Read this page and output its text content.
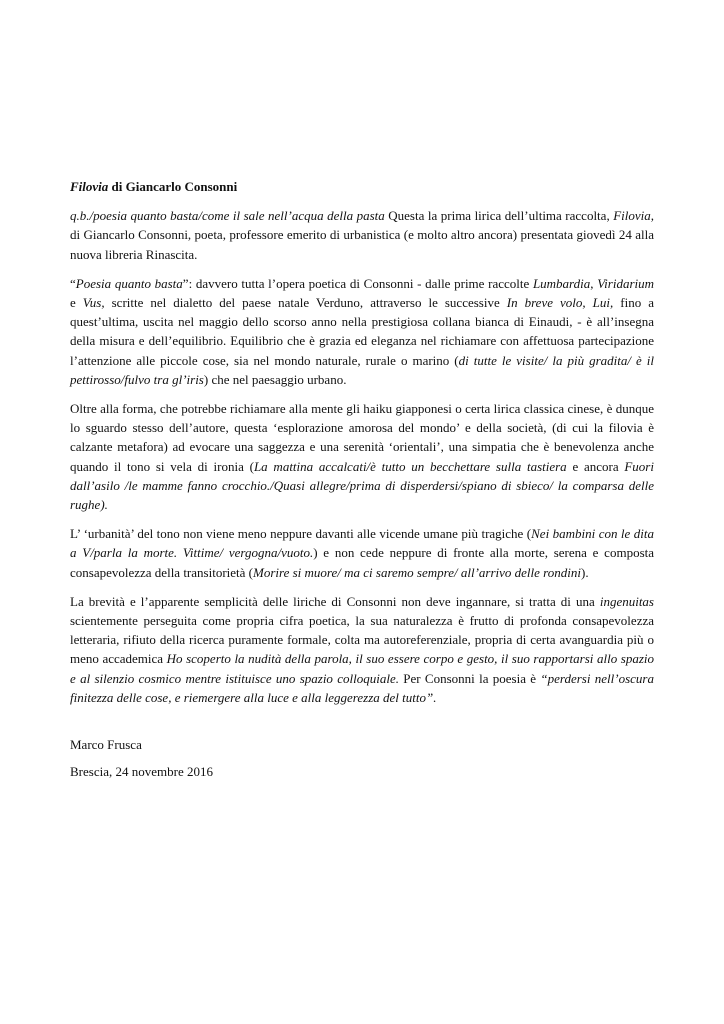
Filovia di Giancarlo Consonni

q.b./poesia quanto basta/come il sale nell’acqua della pasta Questa la prima lirica dell’ultima raccolta, Filovia, di Giancarlo Consonni, poeta, professore emerito di urbanistica (e molto altro ancora) presentata giovedì 24 alla nuova libreria Rinascita.

“Poesia quanto basta”: davvero tutta l’opera poetica di Consonni - dalle prime raccolte Lumbardia, Viridarium e Vus, scritte nel dialetto del paese natale Verduno, attraverso le successive In breve volo, Lui, fino a quest’ultima, uscita nel maggio dello scorso anno nella prestigiosa collana bianca di Einaudi, - è all’insegna della misura e dell’equilibrio. Equilibrio che è grazia ed eleganza nel richiamare con affettuosa partecipazione l’attenzione alle piccole cose, sia nel mondo naturale, rurale o marino (di tutte le visite/ la più gradita/ è il pettirosso/fulvo tra gl’iris) che nel paesaggio urbano.

Oltre alla forma, che potrebbe richiamare alla mente gli haiku giapponesi o certa lirica classica cinese, è dunque lo sguardo stesso dell’autore, questa ‘esplorazione amorosa del mondo’ e della società, (di cui la filovia è calzante metafora) ad evocare una saggezza e una serenità ‘orientali’, una simpatia che è benevolenza anche quando il tono si vela di ironia (La mattina accalcati/è tutto un becchettare sulla tastiera e ancora Fuori dall’asilo /le mamme fanno crocchio./Quasi allegre/prima di disperdersi/spiano di sbieco/ la comparsa delle rughe).

L’ ‘urbanità’ del tono non viene meno neppure davanti alle vicende umane più tragiche (Nei bambini con le dita a V/parla la morte. Vittime/ vergogna/vuoto.) e non cede neppure di fronte alla morte, serena e composta consapevolezza della transitorietà (Morire si muore/ ma ci saremo sempre/ all’arrivo delle rondini).

La brevità e l’apparente semplicità delle liriche di Consonni non deve ingannare, si tratta di una ingenuitas scientemente perseguita come propria cifra poetica, la sua naturalezza è frutto di profonda consapevolezza letteraria, rifiuto della ricerca puramente formale, colta ma autoreferenziale, propria di certa avanguardia più o meno accademica Ho scoperto la nudità della parola, il suo essere corpo e gesto, il suo rapportarsi allo spazio e al silenzio cosmico mentre istituisce uno spazio colloquiale. Per Consonni la poesia è “perdersi nell’oscura finitezza delle cose, e riemergere alla luce e alla leggerezza del tutto”.

Marco Frusca
Brescia, 24 novembre 2016
